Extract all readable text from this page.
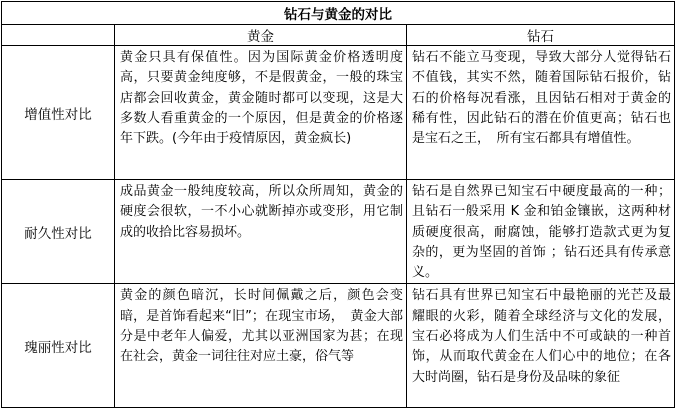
钻石与黄金的对比		
	黄金	钻石
增值性对比	黄金只具有保值性。因为国际黄金价格透明度高，只要黄金纯度够，不是假黄金，一般的珠宝店都会回收黄金，黄金随时都可以变现，这是大多数人看重黄金的一个原因，但是黄金的价格逐年下跌。(今年由于疫情原因，黄金疯长)	钻石不能立马变现，导致大部分人觉得钻石不值钱，其实不然，随着国际钻石报价，钻石的价格每况看涨，且因钻石相对于黄金的稀有性，因此钻石的潜在价值更高；钻石也是宝石之王，　所有宝石都具有增值性。
耐久性对比	成品黄金一般纯度较高，所以众所周知，黄金的硬度会很软，一不小心就断掉亦或变形，用它制成的收拾比容易损坏。	钻石是自然界已知宝石中硬度最高的一种；且钻石一般采用 K 金和铂金镶嵌，这两种材质硬度很高，耐腐蚀，能够打造款式更为复杂的，更为坚固的首饰 ；钻石还具有传承意义。
瑰丽性对比	黄金的颜色暗沉，长时间佩戴之后，颜色会变暗，是首饰看起来“旧”；在现宝市场，　黄金大部分是中老年人偏爱，尤其以亚洲国家为甚；在现在社会，黄金一词往往对应土豪，俗气等	钻石具有世界已知宝石中最艳丽的光芒及最耀眼的火彩，随着全球经济与文化的发展，宝石必将成为人们生活中不可或缺的一种首饰，从而取代黄金在人们心中的地位；在各大时尚圈，钻石是身份及品味的象征
